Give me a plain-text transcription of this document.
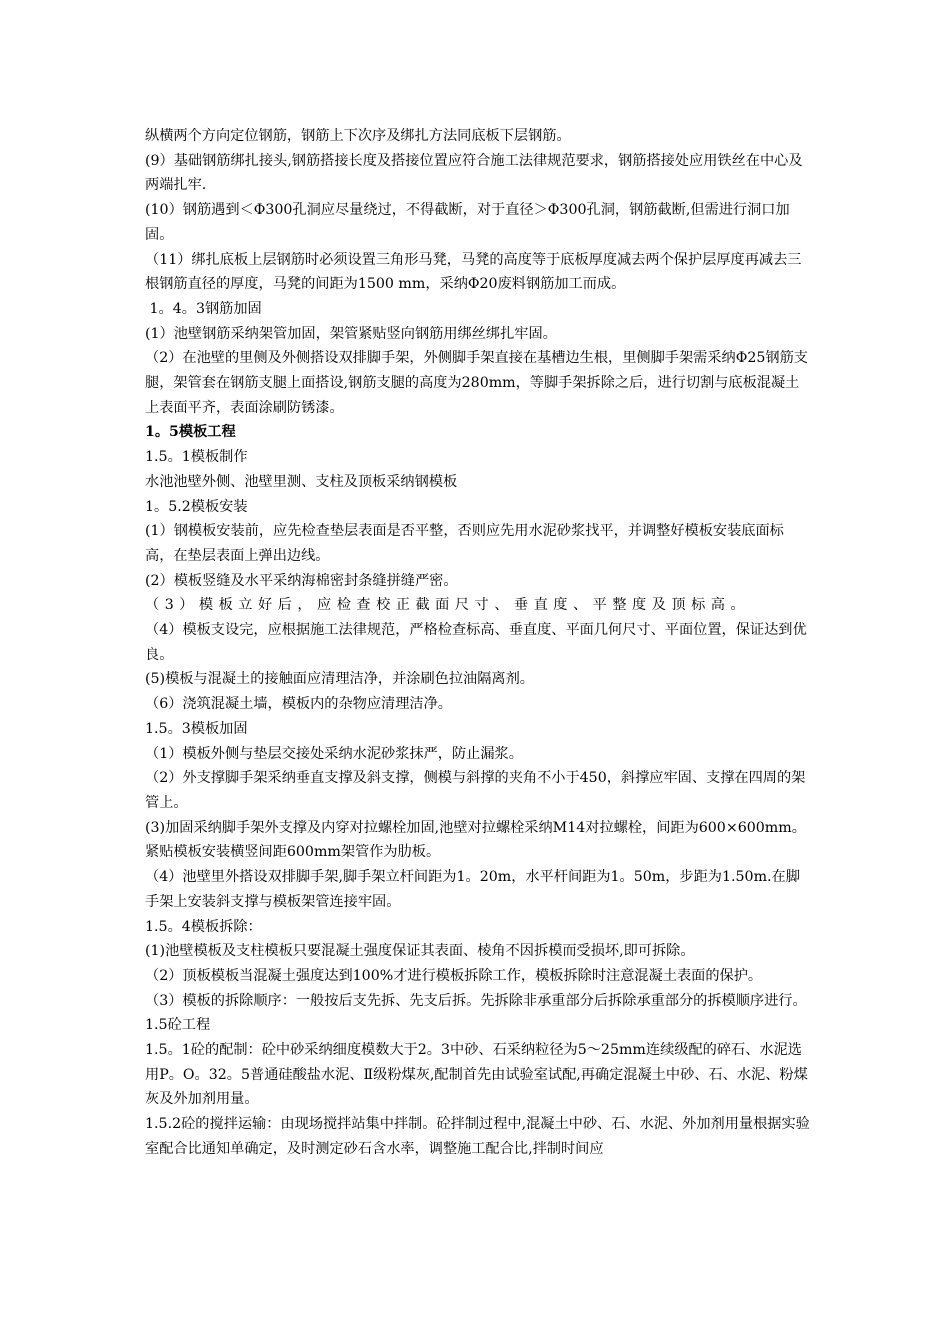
纵横两个方向定位钢筋，钢筋上下次序及绑扎方法同底板下层钢筋。

(9）基础钢筋绑扎接头,钢筋搭接长度及搭接位置应符合施工法律规范要求，钢筋搭接处应用铁丝在中心及两端扎牢.

(10）钢筋遇到＜Φ300孔洞应尽量绕过，不得截断，对于直径＞Φ300孔洞，钢筋截断,但需进行洞口加固。

（11）绑扎底板上层钢筋时必须设置三角形马凳，马凳的高度等于底板厚度减去两个保护层厚度再减去三根钢筋直径的厚度，马凳的间距为1500 mm，采纳Φ20废料钢筋加工而成。

1。4。3钢筋加固

(1）池壁钢筋采纳架管加固，架管紧贴竖向钢筋用绑丝绑扎牢固。

（2）在池壁的里侧及外侧搭设双排脚手架，外侧脚手架直接在基槽边生根，里侧脚手架需采纳Φ25钢筋支腿，架管套在钢筋支腿上面搭设,钢筋支腿的高度为280mm，等脚手架拆除之后，进行切割与底板混凝土上表面平齐，表面涂刷防锈漆。

1。5模板工程

1.5。1模板制作

水池池壁外侧、池壁里测、支柱及顶板采纳钢模板

1。5.2模板安装

(1）钢模板安装前，应先检查垫层表面是否平整，否则应先用水泥砂浆找平，并调整好模板安装底面标高，在垫层表面上弹出边线。

(2）模板竖缝及水平采纳海棉密封条缝拼缝严密。

（3）模板立好后，应检查校正截面尺寸、垂直度、平整度及顶标高。

（4）模板支设完，应根据施工法律规范，严格检查标高、垂直度、平面几何尺寸、平面位置，保证达到优良。

(5)模板与混凝土的接触面应清理洁净，并涂刷色拉油隔离剂。

（6）浇筑混凝土墙，模板内的杂物应清理洁净。

1.5。3模板加固

（1）模板外侧与垫层交接处采纳水泥砂浆抹严，防止漏浆。

（2）外支撑脚手架采纳垂直支撑及斜支撑，侧模与斜撑的夹角不小于450，斜撑应牢固、支撑在四周的架管上。

(3)加固采纳脚手架外支撑及内穿对拉螺栓加固,池壁对拉螺栓采纳M14对拉螺栓，间距为600×600mm。紧贴模板安装横竖间距600mm架管作为肋板。

（4）池壁里外搭设双排脚手架,脚手架立杆间距为1。20m，水平杆间距为1。50m，步距为1.50m.在脚手架上安装斜支撑与模板架管连接牢固。

1.5。4模板拆除：

(1)池壁模板及支柱模板只要混凝土强度保证其表面、棱角不因拆模而受损坏,即可拆除。

（2）顶板模板当混凝土强度达到100%才进行模板拆除工作，模板拆除时注意混凝土表面的保护。

（3）模板的拆除顺序：一般按后支先拆、先支后拆。先拆除非承重部分后拆除承重部分的拆模顺序进行。

1.5砼工程

1.5。1砼的配制：砼中砂采纳细度模数大于2。3中砂、石采纳粒径为5～25mm连续级配的碎石、水泥选用P。O。32。5普通硅酸盐水泥、Ⅱ级粉煤灰,配制首先由试验室试配,再确定混凝土中砂、石、水泥、粉煤灰及外加剂用量。

1.5.2砼的搅拌运输：由现场搅拌站集中拌制。砼拌制过程中,混凝土中砂、石、水泥、外加剂用量根据实验室配合比通知单确定，及时测定砂石含水率，调整施工配合比,拌制时间应
